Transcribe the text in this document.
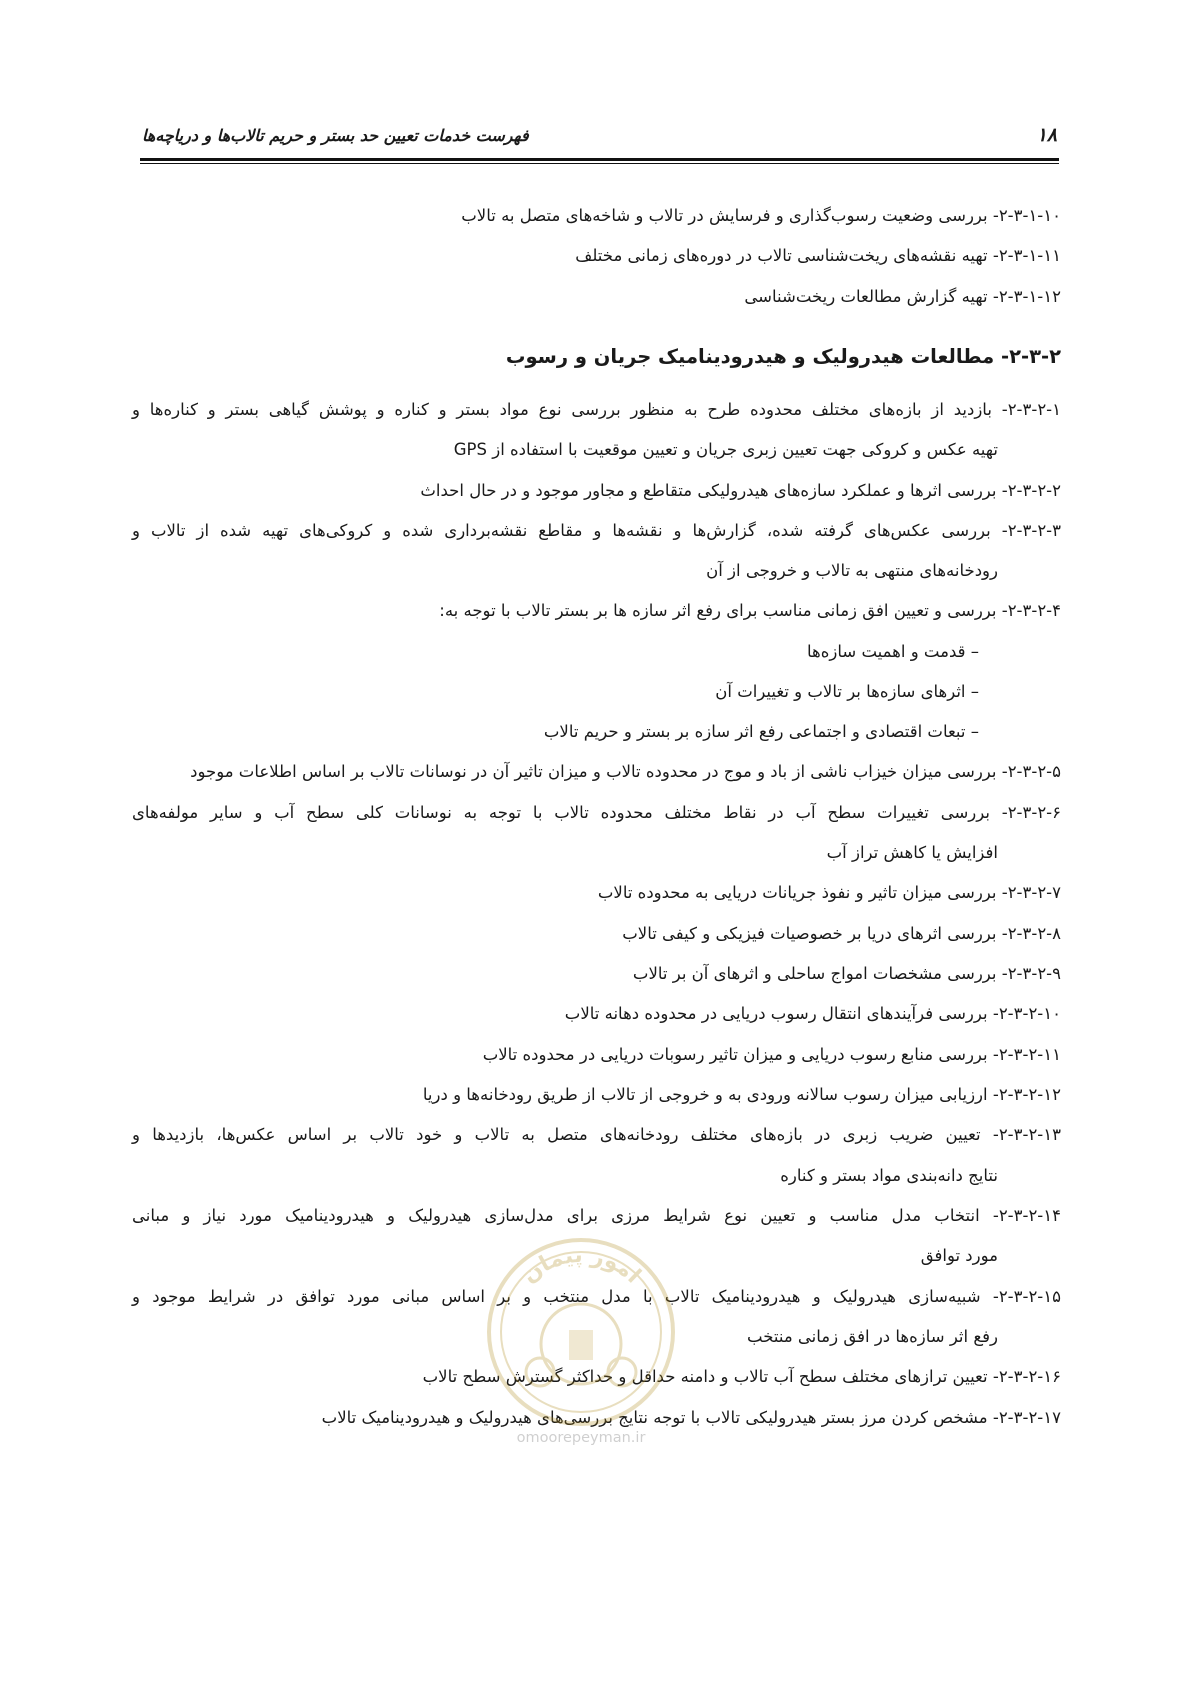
۱۸
فهرست خدمات تعیین حد بستر و حریم تالاب‌ها و دریاچه‌ها
۲-۳-۱-۱۰- بررسی وضعیت رسوب‌گذاری و فرسایش در تالاب و شاخه‌های متصل به تالاب
۲-۳-۱-۱۱- تهیه نقشه‌های ریخت‌شناسی تالاب در دوره‌های زمانی مختلف
۲-۳-۱-۱۲- تهیه گزارش مطالعات ریخت‌شناسی
۲-۳-۲- مطالعات هیدرولیک و هیدرودینامیک جریان و رسوب
۲-۳-۲-۱- بازدید از بازه‌های مختلف محدوده طرح به منظور بررسی نوع مواد بستر و کناره و پوشش گیاهی بستر و کناره‌ها و
تهیه عکس و کروکی جهت تعیین زبری جریان و تعیین موقعیت با استفاده از GPS
۲-۳-۲-۲- بررسی اثرها و عملکرد سازه‌های هیدرولیکی متقاطع و مجاور موجود و در حال احداث
۲-۳-۲-۳- بررسی عکس‌های گرفته شده، گزارش‌ها و نقشه‌ها و مقاطع نقشه‌برداری شده و کروکی‌های تهیه شده از تالاب و
رودخانه‌های منتهی به تالاب و خروجی از آن
۲-۳-۲-۴- بررسی و تعیین افق زمانی مناسب برای رفع اثر سازه ها بر بستر تالاب با توجه به:
– قدمت و اهمیت سازه‌ها
– اثرهای سازه‌ها بر تالاب و تغییرات آن
– تبعات اقتصادی و اجتماعی رفع اثر سازه بر بستر و حریم تالاب
۲-۳-۲-۵- بررسی میزان خیزاب ناشی از باد و موج در محدوده تالاب و میزان تاثیر آن در نوسانات تالاب بر اساس اطلاعات موجود
۲-۳-۲-۶- بررسی تغییرات سطح آب در نقاط مختلف محدوده تالاب با توجه به نوسانات کلی سطح آب و سایر مولفه‌های
افزایش یا کاهش تراز آب
۲-۳-۲-۷- بررسی میزان تاثیر و نفوذ جریانات دریایی به محدوده تالاب
۲-۳-۲-۸- بررسی اثرهای دریا بر خصوصیات فیزیکی و کیفی تالاب
۲-۳-۲-۹- بررسی مشخصات امواج ساحلی و اثرهای آن بر تالاب
۲-۳-۲-۱۰- بررسی فرآیندهای انتقال رسوب دریایی در محدوده دهانه تالاب
۲-۳-۲-۱۱- بررسی منابع رسوب دریایی و میزان تاثیر رسوبات دریایی در محدوده تالاب
۲-۳-۲-۱۲- ارزیابی میزان رسوب سالانه ورودی به و خروجی از تالاب از طریق رودخانه‌ها و دریا
۲-۳-۲-۱۳- تعیین ضریب زبری در بازه‌های مختلف رودخانه‌های متصل به تالاب و خود تالاب بر اساس عکس‌ها، بازدیدها و
نتایج دانه‌بندی مواد بستر و کناره
۲-۳-۲-۱۴- انتخاب مدل مناسب و تعیین نوع شرایط مرزی برای مدل‌سازی هیدرولیک و هیدرودینامیک مورد نیاز و مبانی
مورد توافق
۲-۳-۲-۱۵- شبیه‌سازی هیدرولیک و هیدرودینامیک تالاب با مدل منتخب و بر اساس مبانی مورد توافق در شرایط موجود و
رفع اثر سازه‌ها در افق زمانی منتخب
۲-۳-۲-۱۶- تعیین ترازهای مختلف سطح آب تالاب و دامنه حداقل و حداکثر گسترش سطح تالاب
۲-۳-۲-۱۷- مشخص کردن مرز بستر هیدرولیکی تالاب با توجه نتایج بررسی‌های هیدرولیک و هیدرودینامیک تالاب
امور پیمان
omoorepeyman.ir
